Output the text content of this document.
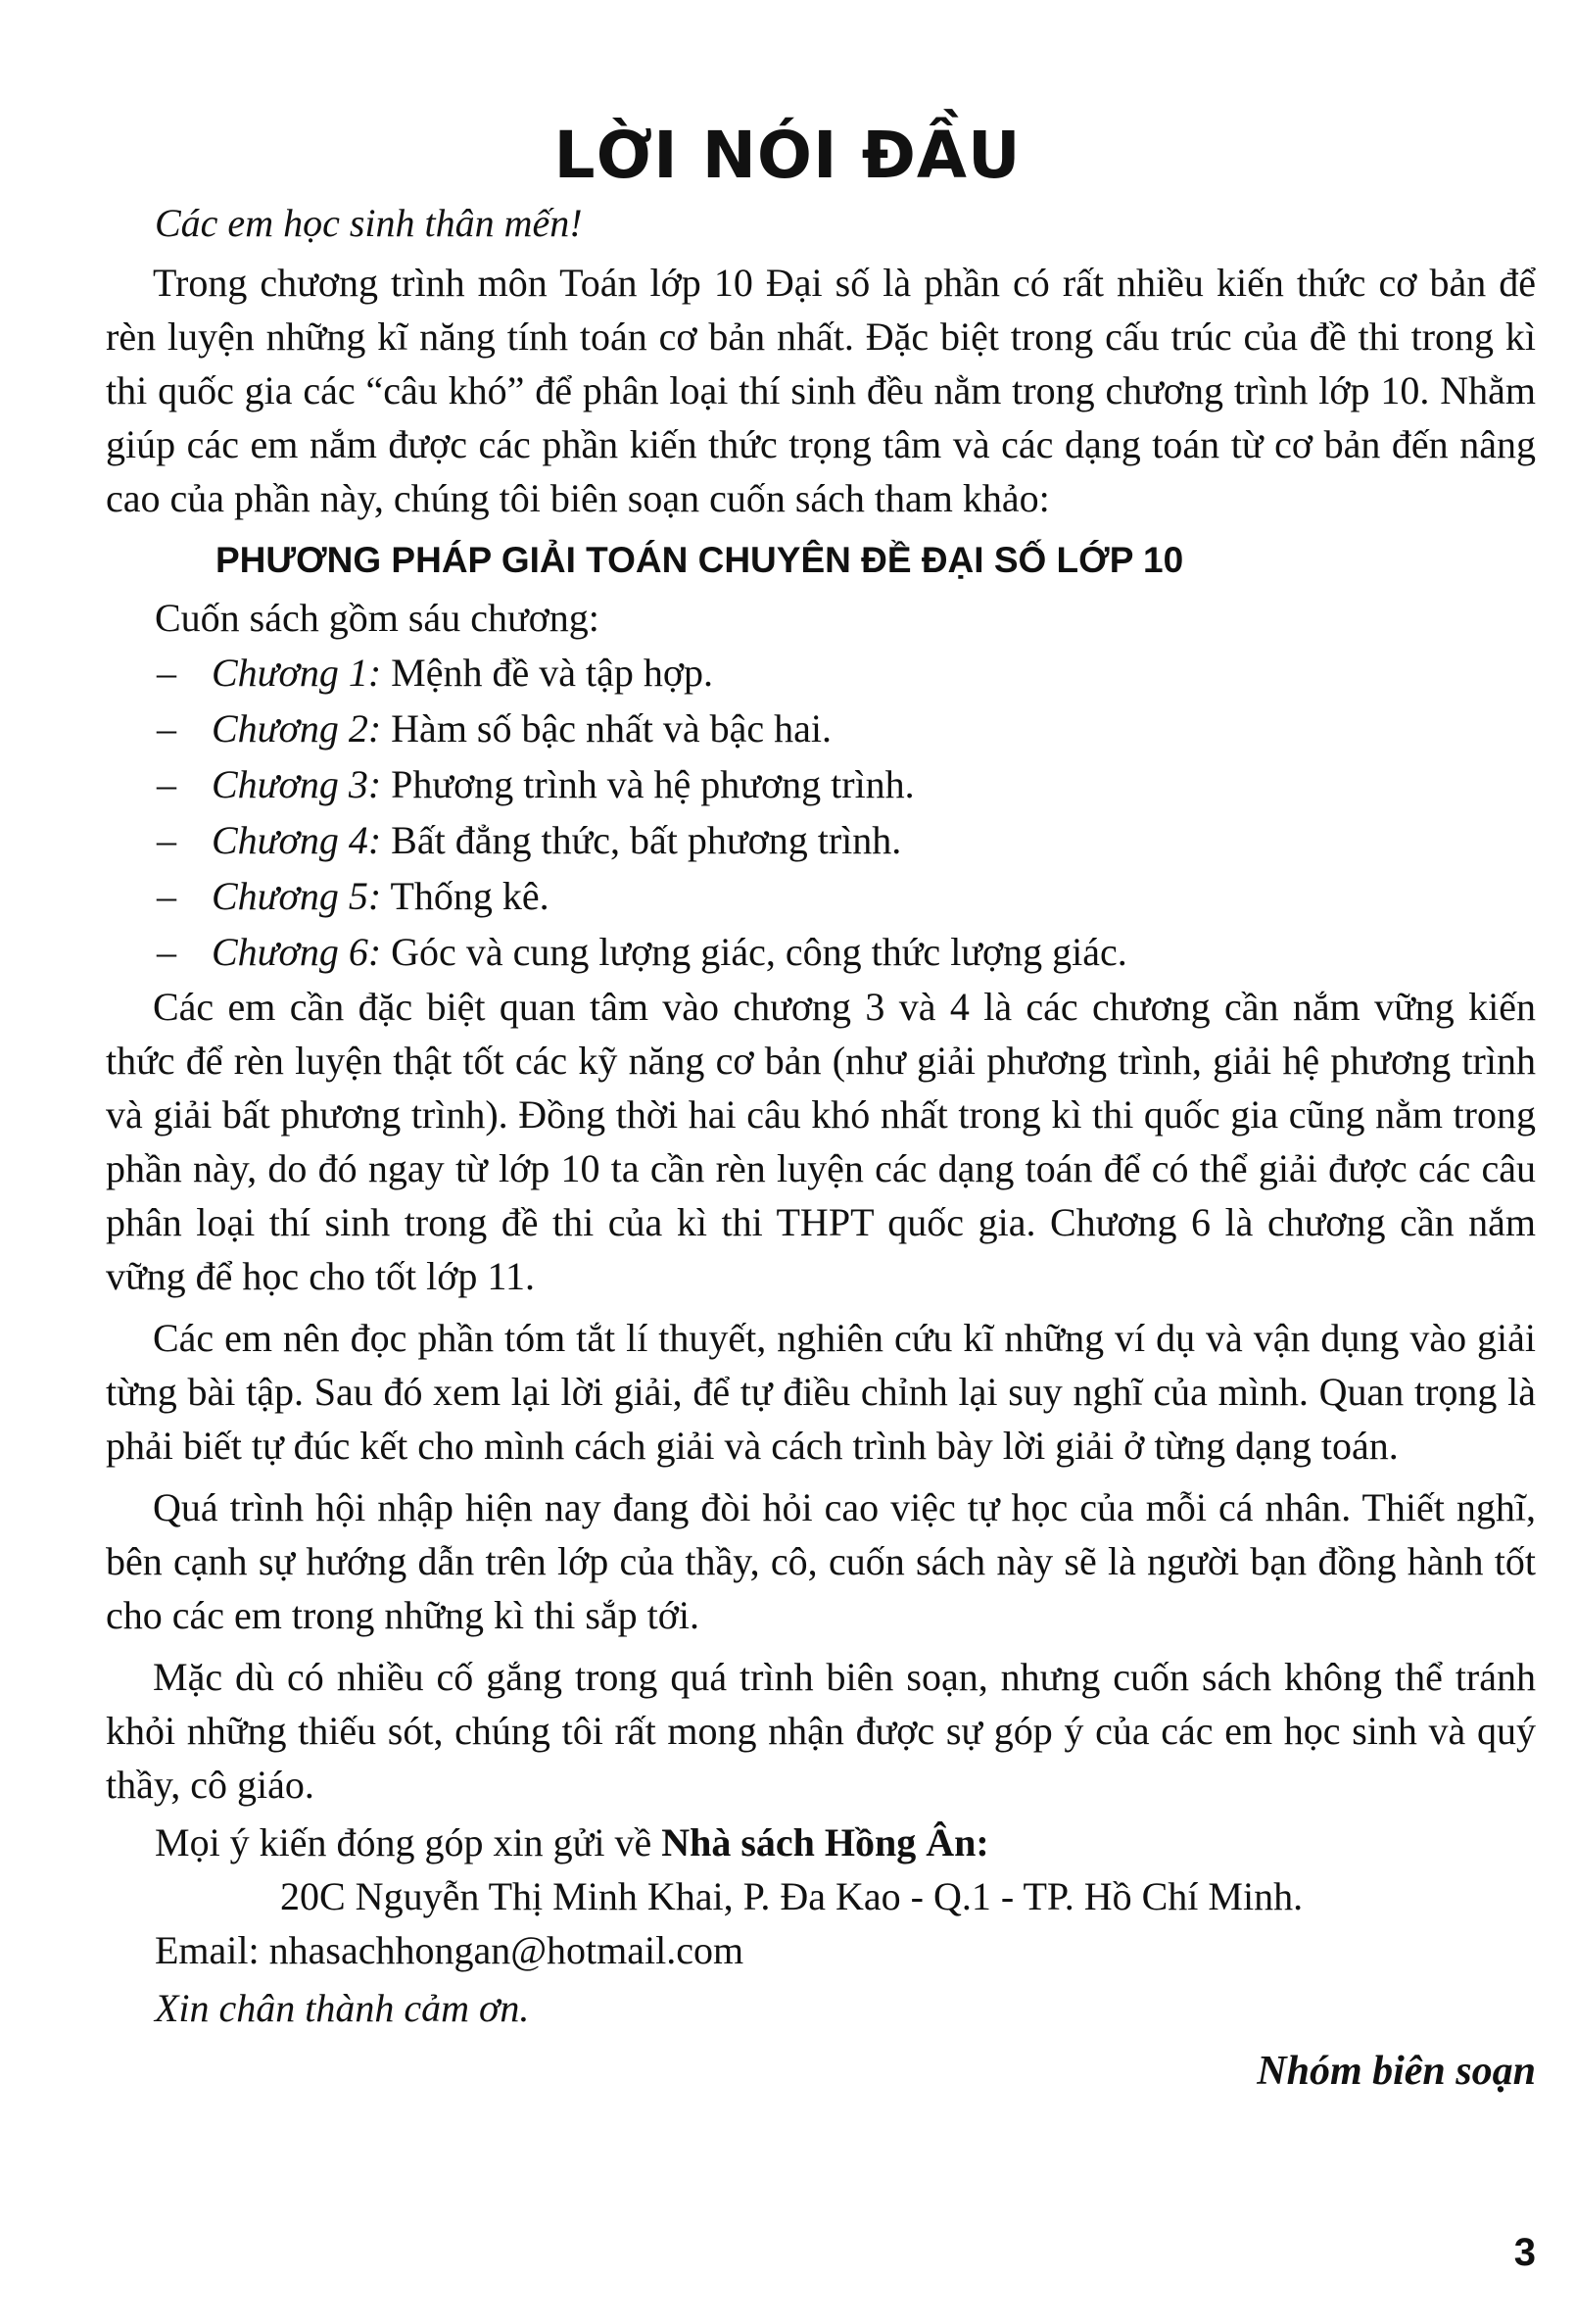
LỜI NÓI ĐẦU

Các em học sinh thân mến!

Trong chương trình môn Toán lớp 10 Đại số là phần có rất nhiều kiến thức cơ bản để rèn luyện những kĩ năng tính toán cơ bản nhất. Đặc biệt trong cấu trúc của đề thi trong kì thi quốc gia các “câu khó” để phân loại thí sinh đều nằm trong chương trình lớp 10. Nhằm giúp các em nắm được các phần kiến thức trọng tâm và các dạng toán từ cơ bản đến nâng cao của phần này, chúng tôi biên soạn cuốn sách tham khảo:

PHƯƠNG PHÁP GIẢI TOÁN CHUYÊN ĐỀ ĐẠI SỐ LỚP 10

Cuốn sách gồm sáu chương:

– Chương 1: Mệnh đề và tập hợp.
– Chương 2: Hàm số bậc nhất và bậc hai.
– Chương 3: Phương trình và hệ phương trình.
– Chương 4: Bất đẳng thức, bất phương trình.
– Chương 5: Thống kê.
– Chương 6: Góc và cung lượng giác, công thức lượng giác.

Các em cần đặc biệt quan tâm vào chương 3 và 4 là các chương cần nắm vững kiến thức để rèn luyện thật tốt các kỹ năng cơ bản (như giải phương trình, giải hệ phương trình và giải bất phương trình). Đồng thời hai câu khó nhất trong kì thi quốc gia cũng nằm trong phần này, do đó ngay từ lớp 10 ta cần rèn luyện các dạng toán để có thể giải được các câu phân loại thí sinh trong đề thi của kì thi THPT quốc gia. Chương 6 là chương cần nắm vững để học cho tốt lớp 11.

Các em nên đọc phần tóm tắt lí thuyết, nghiên cứu kĩ những ví dụ và vận dụng vào giải từng bài tập. Sau đó xem lại lời giải, để tự điều chỉnh lại suy nghĩ của mình. Quan trọng là phải biết tự đúc kết cho mình cách giải và cách trình bày lời giải ở từng dạng toán.

Quá trình hội nhập hiện nay đang đòi hỏi cao việc tự học của mỗi cá nhân. Thiết nghĩ, bên cạnh sự hướng dẫn trên lớp của thầy, cô, cuốn sách này sẽ là người bạn đồng hành tốt cho các em trong những kì thi sắp tới.

Mặc dù có nhiều cố gắng trong quá trình biên soạn, nhưng cuốn sách không thể tránh khỏi những thiếu sót, chúng tôi rất mong nhận được sự góp ý của các em học sinh và quý thầy, cô giáo.

Mọi ý kiến đóng góp xin gửi về Nhà sách Hồng Ân:

20C Nguyễn Thị Minh Khai, P. Đa Kao - Q.1 - TP. Hồ Chí Minh.

Email: nhasachhongan@hotmail.com

Xin chân thành cảm ơn.

Nhóm biên soạn

3
